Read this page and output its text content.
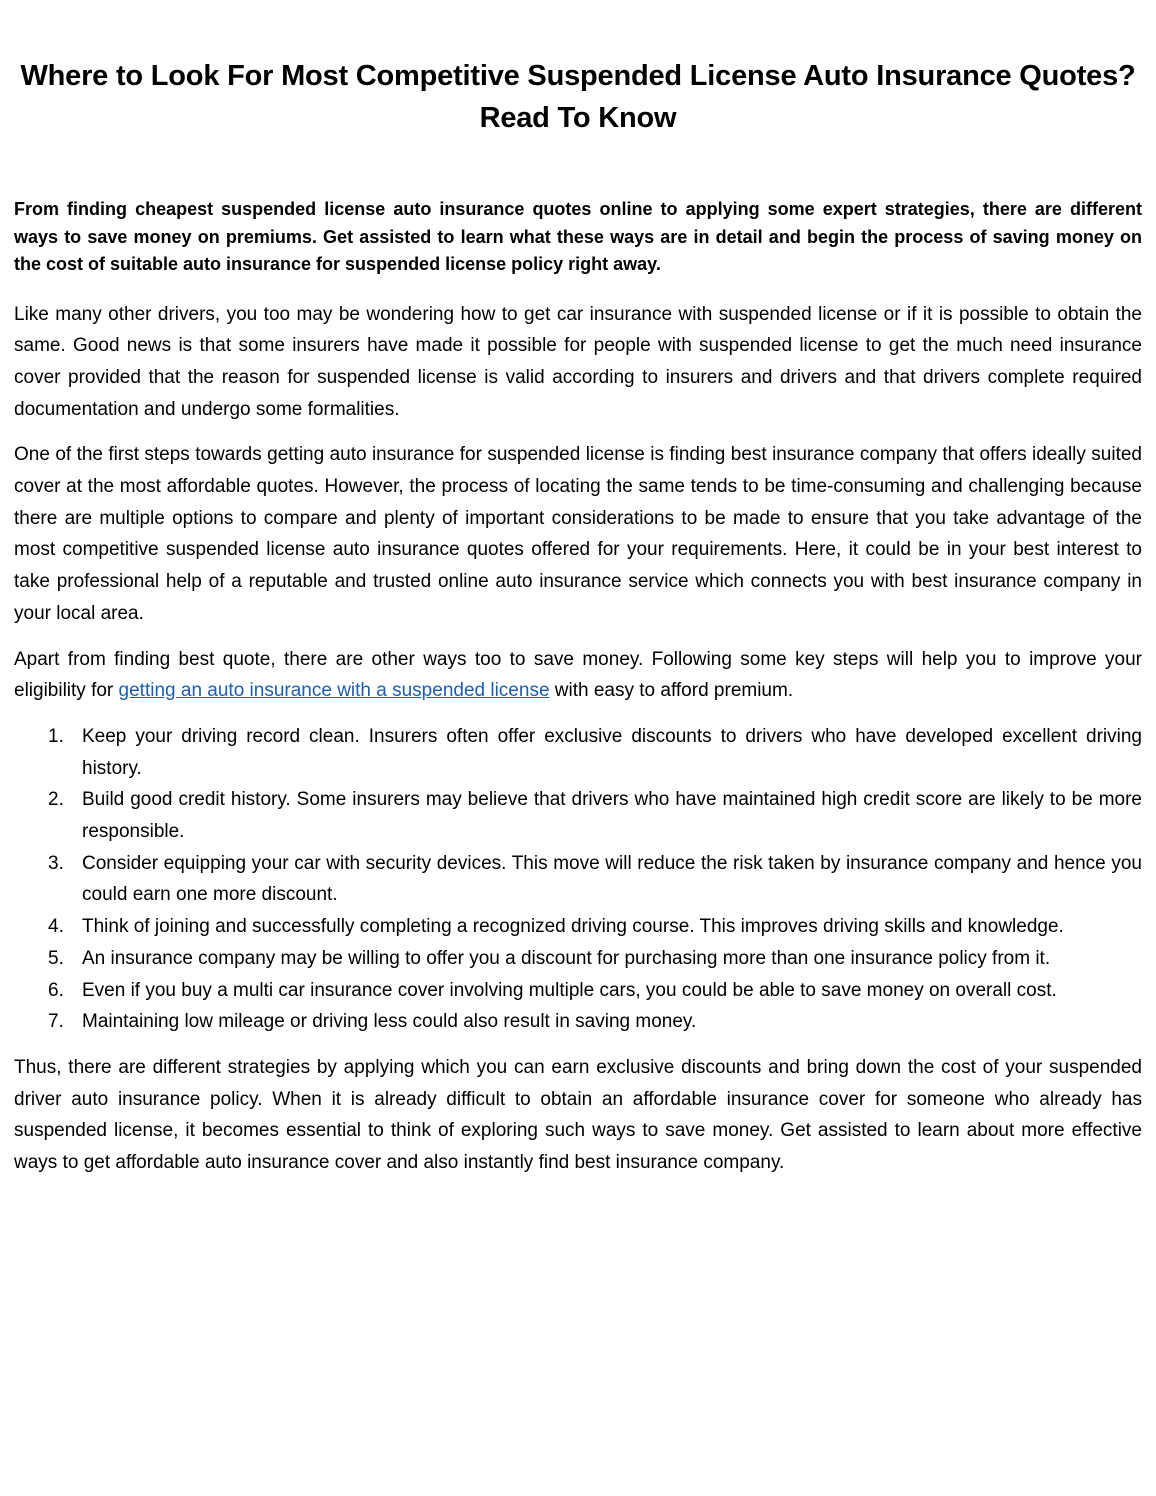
Where to Look For Most Competitive Suspended License Auto Insurance Quotes? Read To Know

From finding cheapest suspended license auto insurance quotes online to applying some expert strategies, there are different ways to save money on premiums. Get assisted to learn what these ways are in detail and begin the process of saving money on the cost of suitable auto insurance for suspended license policy right away.

Like many other drivers, you too may be wondering how to get car insurance with suspended license or if it is possible to obtain the same. Good news is that some insurers have made it possible for people with suspended license to get the much need insurance cover provided that the reason for suspended license is valid according to insurers and drivers and that drivers complete required documentation and undergo some formalities.

One of the first steps towards getting auto insurance for suspended license is finding best insurance company that offers ideally suited cover at the most affordable quotes. However, the process of locating the same tends to be time-consuming and challenging because there are multiple options to compare and plenty of important considerations to be made to ensure that you take advantage of the most competitive suspended license auto insurance quotes offered for your requirements. Here, it could be in your best interest to take professional help of a reputable and trusted online auto insurance service which connects you with best insurance company in your local area.

Apart from finding best quote, there are other ways too to save money. Following some key steps will help you to improve your eligibility for getting an auto insurance with a suspended license with easy to afford premium.

1. Keep your driving record clean. Insurers often offer exclusive discounts to drivers who have developed excellent driving history.
2. Build good credit history. Some insurers may believe that drivers who have maintained high credit score are likely to be more responsible.
3. Consider equipping your car with security devices. This move will reduce the risk taken by insurance company and hence you could earn one more discount.
4. Think of joining and successfully completing a recognized driving course. This improves driving skills and knowledge.
5. An insurance company may be willing to offer you a discount for purchasing more than one insurance policy from it.
6. Even if you buy a multi car insurance cover involving multiple cars, you could be able to save money on overall cost.
7. Maintaining low mileage or driving less could also result in saving money.

Thus, there are different strategies by applying which you can earn exclusive discounts and bring down the cost of your suspended driver auto insurance policy. When it is already difficult to obtain an affordable insurance cover for someone who already has suspended license, it becomes essential to think of exploring such ways to save money. Get assisted to learn about more effective ways to get affordable auto insurance cover and also instantly find best insurance company.
